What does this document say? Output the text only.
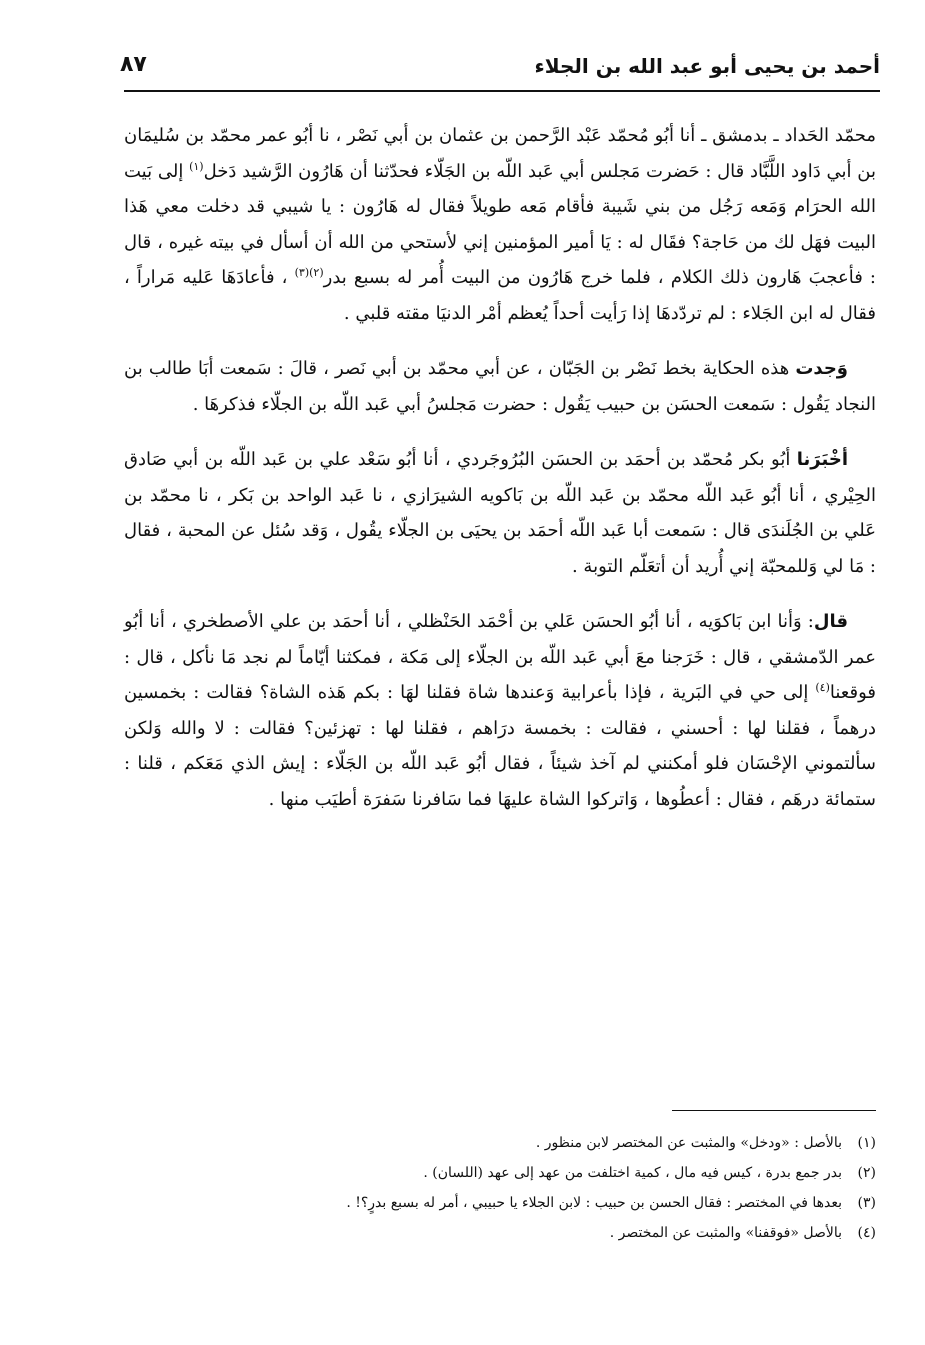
أحمد بن يحيى أبو عبد الله بن الجلاء
٨٧

محمّد الحَداد ـ بدمشق ـ أنا أبُو مُحمّد عَبْد الرَّحمن بن عثمان بن أبي نَصْر ، نا أبُو عمر محمّد بن سُليمَان بن أبي دَاود اللَّبَّاد قال : حَضرت مَجلس أبي عَبد اللّه بن الجَلّاء فحدّثنا أن هَارُون الرَّشيد دَخل$^{(١)}$ إلى بَيت الله الحرَام وَمَعه رَجُل من بني شَيبة فأقام مَعه طويلاً فقال له هَارُون : يا شيبي قد دخلت معي هَذا البيت فهَل لك من حَاجة؟ فقَال له : يَا أمير المؤمنين إني لأستحي من الله أن أسأل في بيته غيره ، قال : فأعجبَ هَارون ذلك الكلام ، فلما خرج هَارُون من البيت أُمر له بسبع بدر$^{(٢)(٣)}$ ، فأعادَهَا عَليه مَراراً ، فقال له ابن الجَلاء : لم تردّدهَا إذا رَأيت أحداً يُعظم أمْر الدنيَا مقته قلبي .

وَجدت هذه الحكاية بخط نَصْر بن الجَبّان ، عن أبي محمّد بن أبي نَصر ، قالَ : سَمعت أبَا طالب بن النجاد يَقُول : سَمعت الحسَن بن حبيب يَقُول : حضرت مَجلسُ أبي عَبد اللّه بن الجلّاء فذكرهَا .

أخْبَرَنا أبُو بكر مُحمّد بن أحمَد بن الحسَن البُرُوجَردي ، أنا أبُو سَعْد علي بن عَبد اللّه بن أبي صَادق الحِيْري ، أنا أبُو عَبد اللّه محمّد بن عَبد اللّه بن بَاكويه الشيرَازي ، نا عَبد الواحد بن بَكر ، نا محمّد بن عَلي بن الجُلَندَى قال : سَمعت أبا عَبد اللّه أحمَد بن يحيَى بن الجلّاء يقُول ، وَقد سُئل عن المحبة ، فقال : مَا لي وَللمحبّة إني أُريد أن أتعَلّم التوبة .

قال: وَأنا ابن بَاكوَيه ، أنا أبُو الحسَن عَلي بن أحْمَد الحَنْظلي ، أنا أحمَد بن علي الأصطخري ، أنا أبُو عمر الدّمشقي ، قال : خَرَجنا معَ أبي عَبد اللّه بن الجلّاء إلى مَكة ، فمكثنا أيّاماً لم نجد مَا نأكل ، قال : فوقعنا$^{(٤)}$ إلى حي في البَرية ، فإذا بأعرابية وَعندها شاة فقلنا لهَا : بكم هَذه الشاة؟ فقالت : بخمسين درهماً ، فقلنا لها : أحسني ، فقالت : بخمسة درَاهم ، فقلنا لها : تهزئين؟ فقالت : لا والله وَلكن سألتموني الإحْسَان فلو أمكنني لم آخذ شيئاً ، فقال أبُو عَبد اللّه بن الجَلّاء : إيش الذي مَعَكم ، قلنا : ستمائة درهَم ، فقال : أعطُوها ، وَاتركوا الشاة عليهَا فما سَافرنا سَفرَة أطيَب منها .

(١)
بالأصل : «ودخل» والمثبت عن المختصر لابن منظور .
(٢)
بدر جمع بدرة ، كيس فيه مال ، كمية اختلفت من عهد إلى عهد (اللسان) .
(٣)
بعدها في المختصر : فقال الحسن بن حبيب : لابن الجلاء يا حبيبي ، أمر له بسبع بدرٍ؟! .
(٤)
بالأصل «فوقفنا» والمثبت عن المختصر .
